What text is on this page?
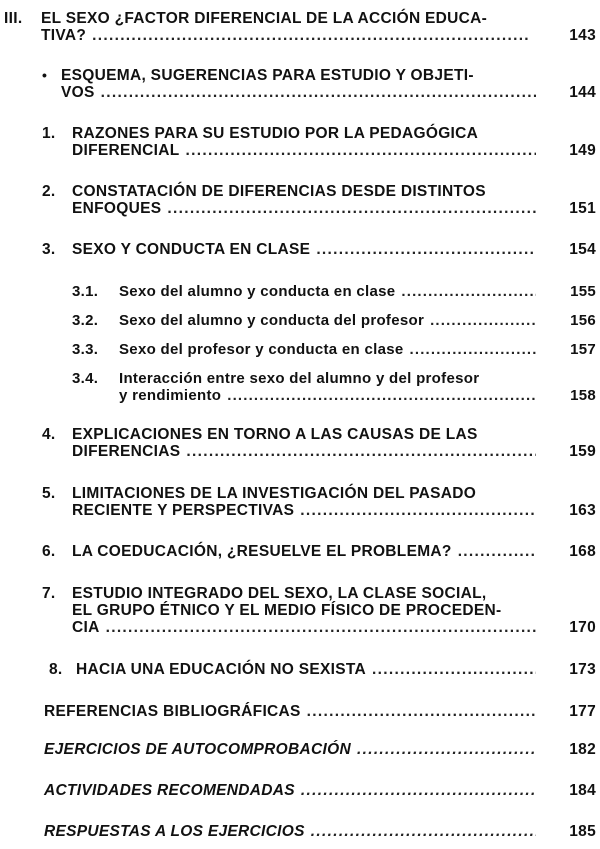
III. EL SEXO ¿FACTOR DIFERENCIAL DE LA ACCIÓN EDUCA-
TIVA? . . .	143
• ESQUEMA, SUGERENCIAS PARA ESTUDIO Y OBJETI-
VOS . . .	144
1. RAZONES PARA SU ESTUDIO POR LA PEDAGÓGICA
DIFERENCIAL . . .	149
2. CONSTATACIÓN DE DIFERENCIAS DESDE DISTINTOS
ENFOQUES . . .	151
3. SEXO Y CONDUCTA EN CLASE . . .	154
3.1. Sexo del alumno y conducta en clase . . .	155
3.2. Sexo del alumno y conducta del profesor . . .	156
3.3. Sexo del profesor y conducta en clase . . .	157
3.4. Interacción entre sexo del alumno y del profesor
y rendimiento . . .	158
4. EXPLICACIONES EN TORNO A LAS CAUSAS DE LAS
DIFERENCIAS . . .	159
5. LIMITACIONES DE LA INVESTIGACIÓN DEL PASADO
RECIENTE Y PERSPECTIVAS . . .	163
6. LA COEDUCACIÓN, ¿RESUELVE EL PROBLEMA? . . .	168
7. ESTUDIO INTEGRADO DEL SEXO, LA CLASE SOCIAL,
EL GRUPO ÉTNICO Y EL MEDIO FÍSICO DE PROCEDEN-
CIA . . .	170
8. HACIA UNA EDUCACIÓN NO SEXISTA . . .	173
REFERENCIAS BIBLIOGRÁFICAS . . .	177
EJERCICIOS DE AUTOCOMPROBACIÓN . . .	182
ACTIVIDADES RECOMENDADAS . . .	184
RESPUESTAS A LOS EJERCICIOS . . .	185
